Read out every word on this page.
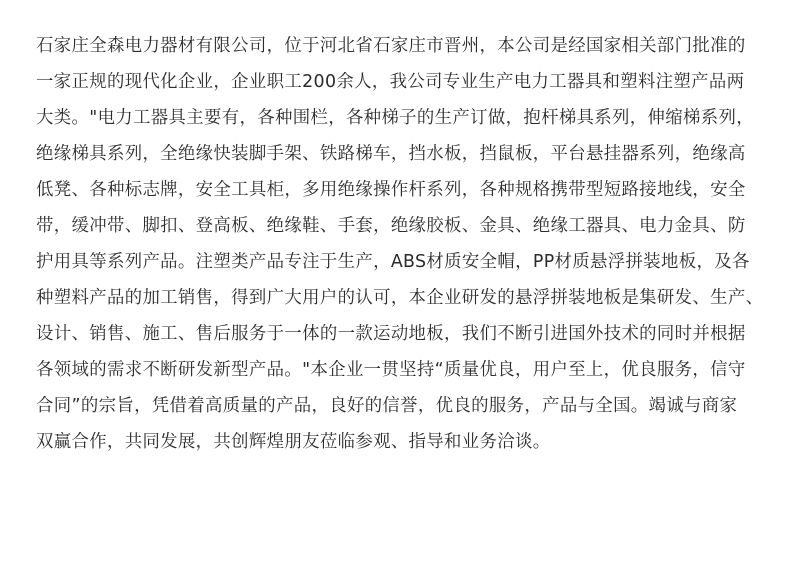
石家庄全森电力器材有限公司，位于河北省石家庄市晋州，本公司是经国家相关部门批准的
一家正规的现代化企业，企业职工200余人，我公司专业生产电力工器具和塑料注塑产品两
大类。"电力工器具主要有，各种围栏，各种梯子的生产订做，抱杆梯具系列，伸缩梯系列，
绝缘梯具系列，全绝缘快装脚手架、铁路梯车，挡水板，挡鼠板，平台悬挂器系列，绝缘高
低凳、各种标志牌，安全工具柜，多用绝缘操作杆系列，各种规格携带型短路接地线，安全
带，缓冲带、脚扣、登高板、绝缘鞋、手套，绝缘胶板、金具、绝缘工器具、电力金具、防
护用具等系列产品。注塑类产品专注于生产，ABS材质安全帽，PP材质悬浮拼装地板，及各
种塑料产品的加工销售，得到广大用户的认可，本企业研发的悬浮拼装地板是集研发、生产、
设计、销售、施工、售后服务于一体的一款运动地板，我们不断引进国外技术的同时并根据
各领域的需求不断研发新型产品。"本企业一贯坚持“质量优良，用户至上，优良服务，信守
合同”的宗旨，凭借着高质量的产品，良好的信誉，优良的服务，产品与全国。竭诚与商家
双赢合作，共同发展，共创辉煌朋友莅临参观、指导和业务洽谈。
